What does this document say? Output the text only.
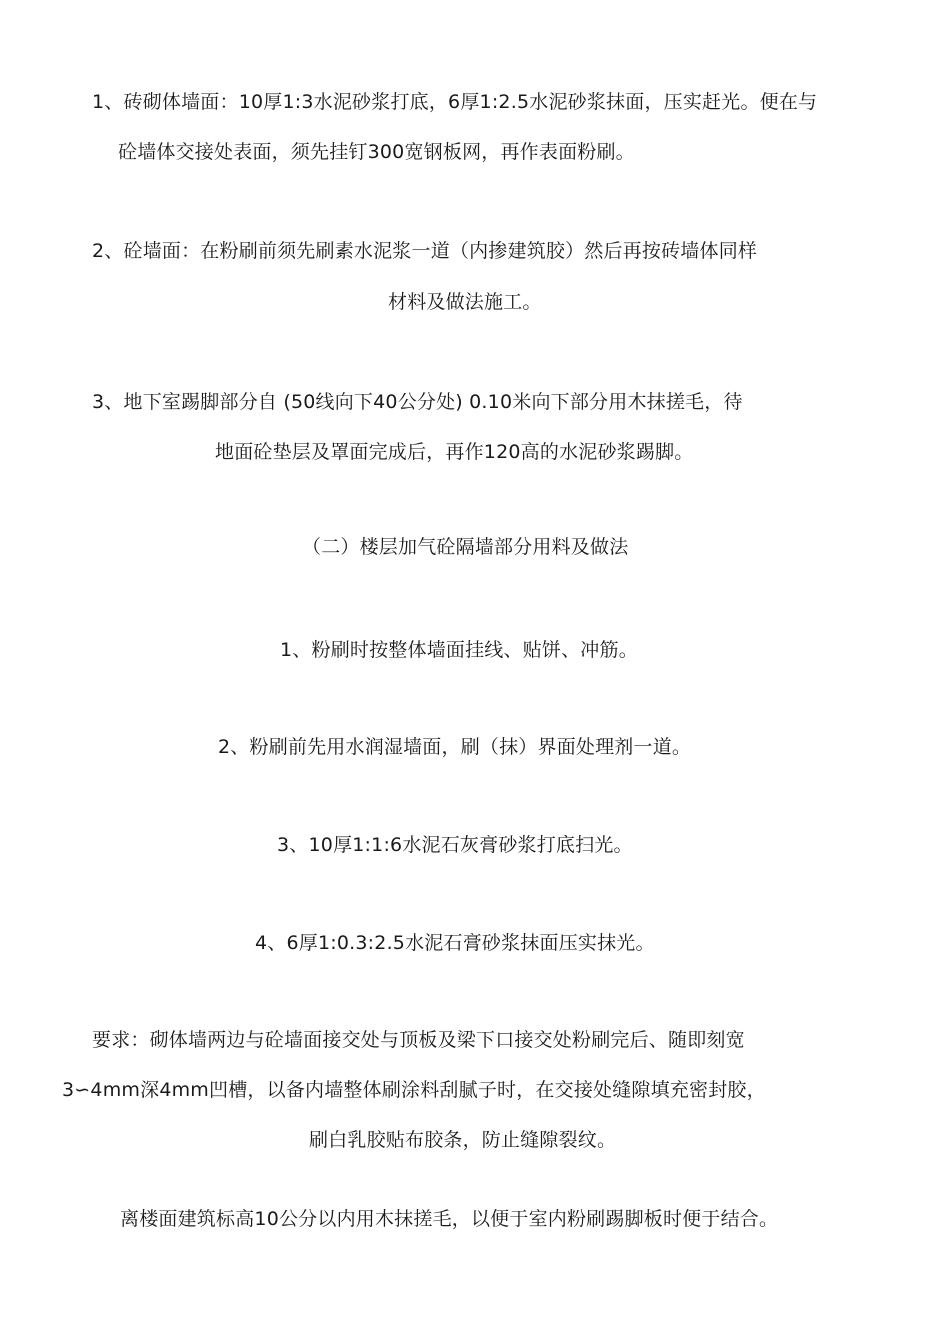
1、砖砌体墙面：10厚1:3水泥砂浆打底，6厚1:2.5水泥砂浆抹面，压实赶光。便在与
砼墙体交接处表面，须先挂钉300宽钢板网，再作表面粉刷。
2、砼墙面：在粉刷前须先刷素水泥浆一道（内掺建筑胶）然后再按砖墙体同样
材料及做法施工。
3、地下室踢脚部分自 (50线向下40公分处) 0.10米向下部分用木抹搓毛，待
地面砼垫层及罩面完成后，再作120高的水泥砂浆踢脚。
（二）楼层加气砼隔墙部分用料及做法
1、粉刷时按整体墙面挂线、贴饼、冲筋。
2、粉刷前先用水润湿墙面，刷（抹）界面处理剂一道。
3、10厚1:1:6水泥石灰膏砂浆打底扫光。
4、6厚1:0.3:2.5水泥石膏砂浆抹面压实抹光。
要求：砌体墙两边与砼墙面接交处与顶板及梁下口接交处粉刷完后、随即刻宽
3∽4mm深4mm凹槽，以备内墙整体刷涂料刮腻子时，在交接处缝隙填充密封胶，
刷白乳胶贴布胶条，防止缝隙裂纹。
离楼面建筑标高10公分以内用木抹搓毛，以便于室内粉刷踢脚板时便于结合。
